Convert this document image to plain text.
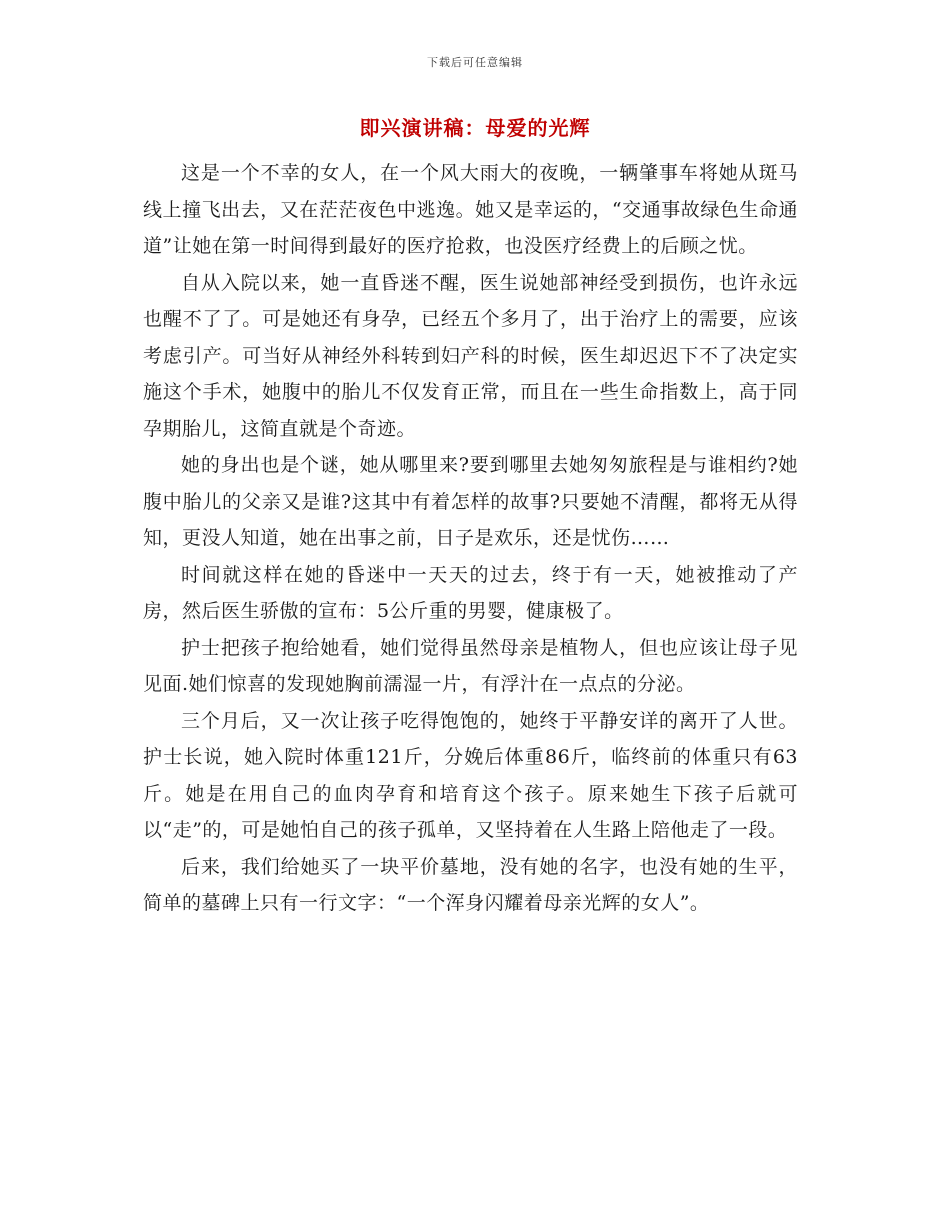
下载后可任意编辑
即兴演讲稿：母爱的光辉

这是一个不幸的女人，在一个风大雨大的夜晚，一辆肇事车将她从斑马线上撞飞出去，又在茫茫夜色中逃逸。她又是幸运的，“交通事故绿色生命通道”让她在第一时间得到最好的医疗抢救，也没医疗经费上的后顾之忧。

自从入院以来，她一直昏迷不醒，医生说她部神经受到损伤，也许永远也醒不了了。可是她还有身孕，已经五个多月了，出于治疗上的需要，应该考虑引产。可当好从神经外科转到妇产科的时候，医生却迟迟下不了决定实施这个手术，她腹中的胎儿不仅发育正常，而且在一些生命指数上，高于同孕期胎儿，这简直就是个奇迹。

她的身出也是个谜，她从哪里来?要到哪里去她匆匆旅程是与谁相约?她腹中胎儿的父亲又是谁?这其中有着怎样的故事?只要她不清醒，都将无从得知，更没人知道，她在出事之前，日子是欢乐，还是忧伤……

时间就这样在她的昏迷中一天天的过去，终于有一天，她被推动了产房，然后医生骄傲的宣布：5公斤重的男婴，健康极了。

护士把孩子抱给她看，她们觉得虽然母亲是植物人，但也应该让母子见见面.她们惊喜的发现她胸前濡湿一片，有浮汁在一点点的分泌。

三个月后，又一次让孩子吃得饱饱的，她终于平静安详的离开了人世。护士长说，她入院时体重121斤，分娩后体重86斤，临终前的体重只有63斤。她是在用自己的血肉孕育和培育这个孩子。原来她生下孩子后就可以“走”的，可是她怕自己的孩子孤单，又坚持着在人生路上陪他走了一段。

后来，我们给她买了一块平价墓地，没有她的名字，也没有她的生平，简单的墓碑上只有一行文字：“一个浑身闪耀着母亲光辉的女人”。
